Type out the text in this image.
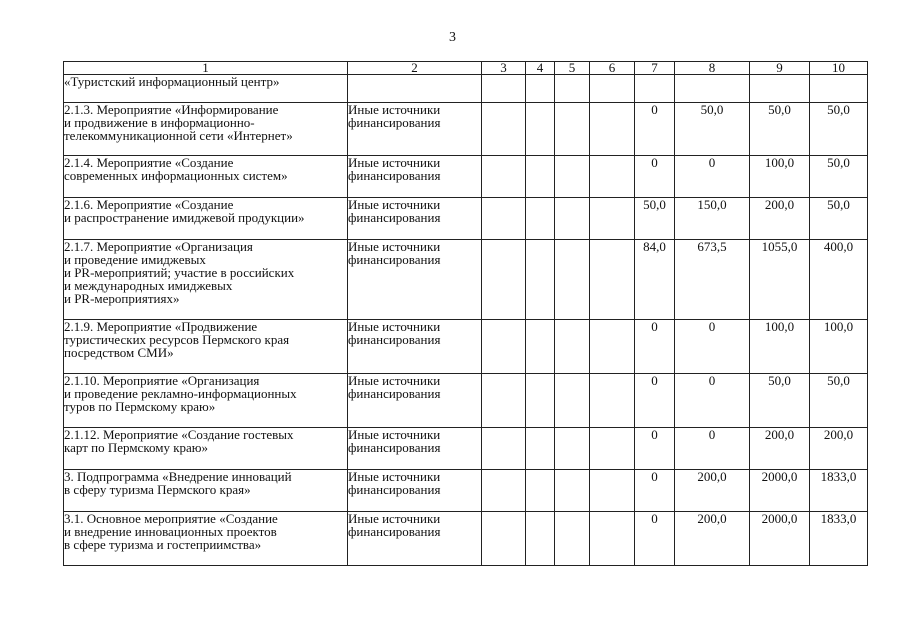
3
1	2	3	4	5	6	7	8	9	10
«Туристский информационный центр»									
2.1.3. Мероприятие «Информирование
и продвижение в информационно-
телекоммуникационной сети «Интернет»	Иные источники
финансирования					0	50,0	50,0	50,0
2.1.4. Мероприятие «Создание
современных информационных систем»	Иные источники
финансирования					0	0	100,0	50,0
2.1.6. Мероприятие «Создание
и распространение имиджевой продукции»	Иные источники
финансирования					50,0	150,0	200,0	50,0
2.1.7. Мероприятие «Организация
и проведение имиджевых
и PR-мероприятий; участие в российских
и международных имиджевых
и PR-мероприятиях»	Иные источники
финансирования					84,0	673,5	1055,0	400,0
2.1.9. Мероприятие «Продвижение
туристических ресурсов Пермского края
посредством СМИ»	Иные источники
финансирования					0	0	100,0	100,0
2.1.10. Мероприятие «Организация
и проведение рекламно-информационных
туров по Пермскому краю»	Иные источники
финансирования					0	0	50,0	50,0
2.1.12. Мероприятие «Создание гостевых
карт по Пермскому краю»	Иные источники
финансирования					0	0	200,0	200,0
3. Подпрограмма «Внедрение инноваций
в сферу туризма Пермского края»	Иные источники
финансирования					0	200,0	2000,0	1833,0
3.1. Основное мероприятие «Создание
и внедрение инновационных проектов
в сфере туризма и гостеприимства»	Иные источники
финансирования					0	200,0	2000,0	1833,0
